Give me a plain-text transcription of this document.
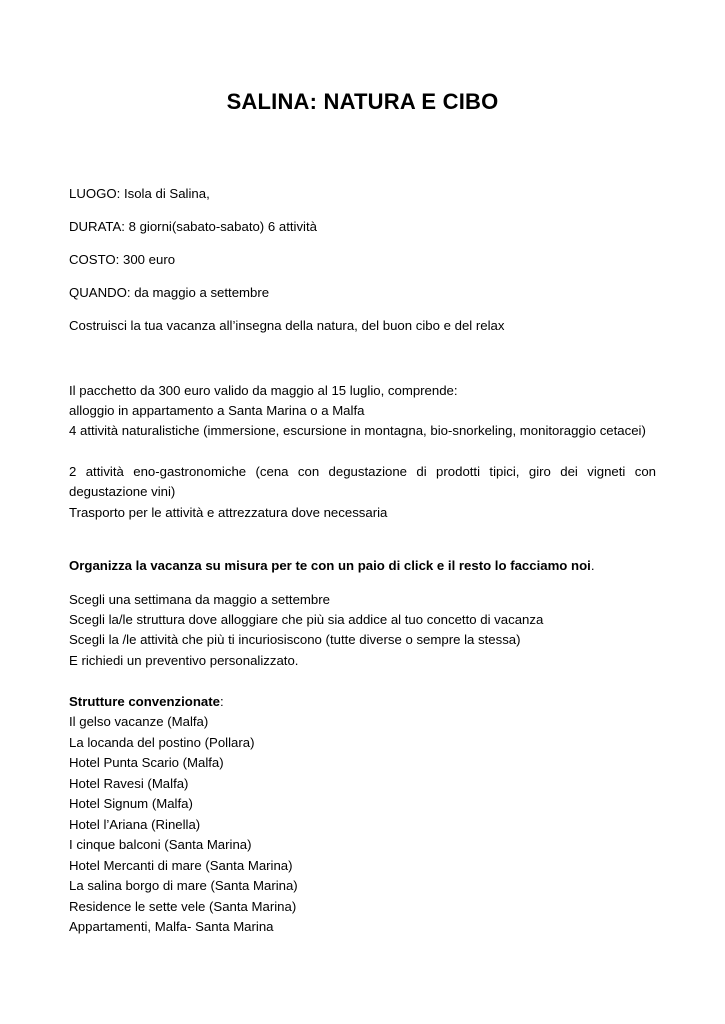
SALINA: NATURA E CIBO
LUOGO: Isola di Salina,
DURATA: 8 giorni(sabato-sabato) 6 attività
COSTO: 300 euro
QUANDO: da maggio a settembre
Costruisci la tua vacanza all’insegna della natura, del buon cibo e del relax
Il pacchetto da 300 euro valido da maggio al 15 luglio, comprende:
alloggio in appartamento a Santa Marina o a Malfa
4 attività naturalistiche (immersione, escursione in montagna, bio-snorkeling, monitoraggio cetacei)
2 attività eno-gastronomiche (cena con degustazione di prodotti tipici, giro dei vigneti con degustazione vini)
Trasporto per le attività e attrezzatura dove necessaria
Organizza la vacanza su misura per te con un paio di click e il resto lo facciamo noi.
Scegli una settimana da maggio a settembre
Scegli la/le struttura dove alloggiare che più sia addice al tuo concetto di vacanza
Scegli la /le attività che più ti incuriosiscono (tutte diverse o sempre la stessa)
E richiedi un preventivo personalizzato.
Strutture convenzionate:
Il gelso vacanze (Malfa)
La locanda del postino (Pollara)
Hotel Punta Scario (Malfa)
Hotel Ravesi (Malfa)
Hotel Signum (Malfa)
Hotel l’Ariana (Rinella)
I cinque balconi (Santa Marina)
Hotel Mercanti di mare (Santa Marina)
La salina borgo di mare (Santa Marina)
Residence le sette vele (Santa Marina)
Appartamenti, Malfa- Santa Marina
